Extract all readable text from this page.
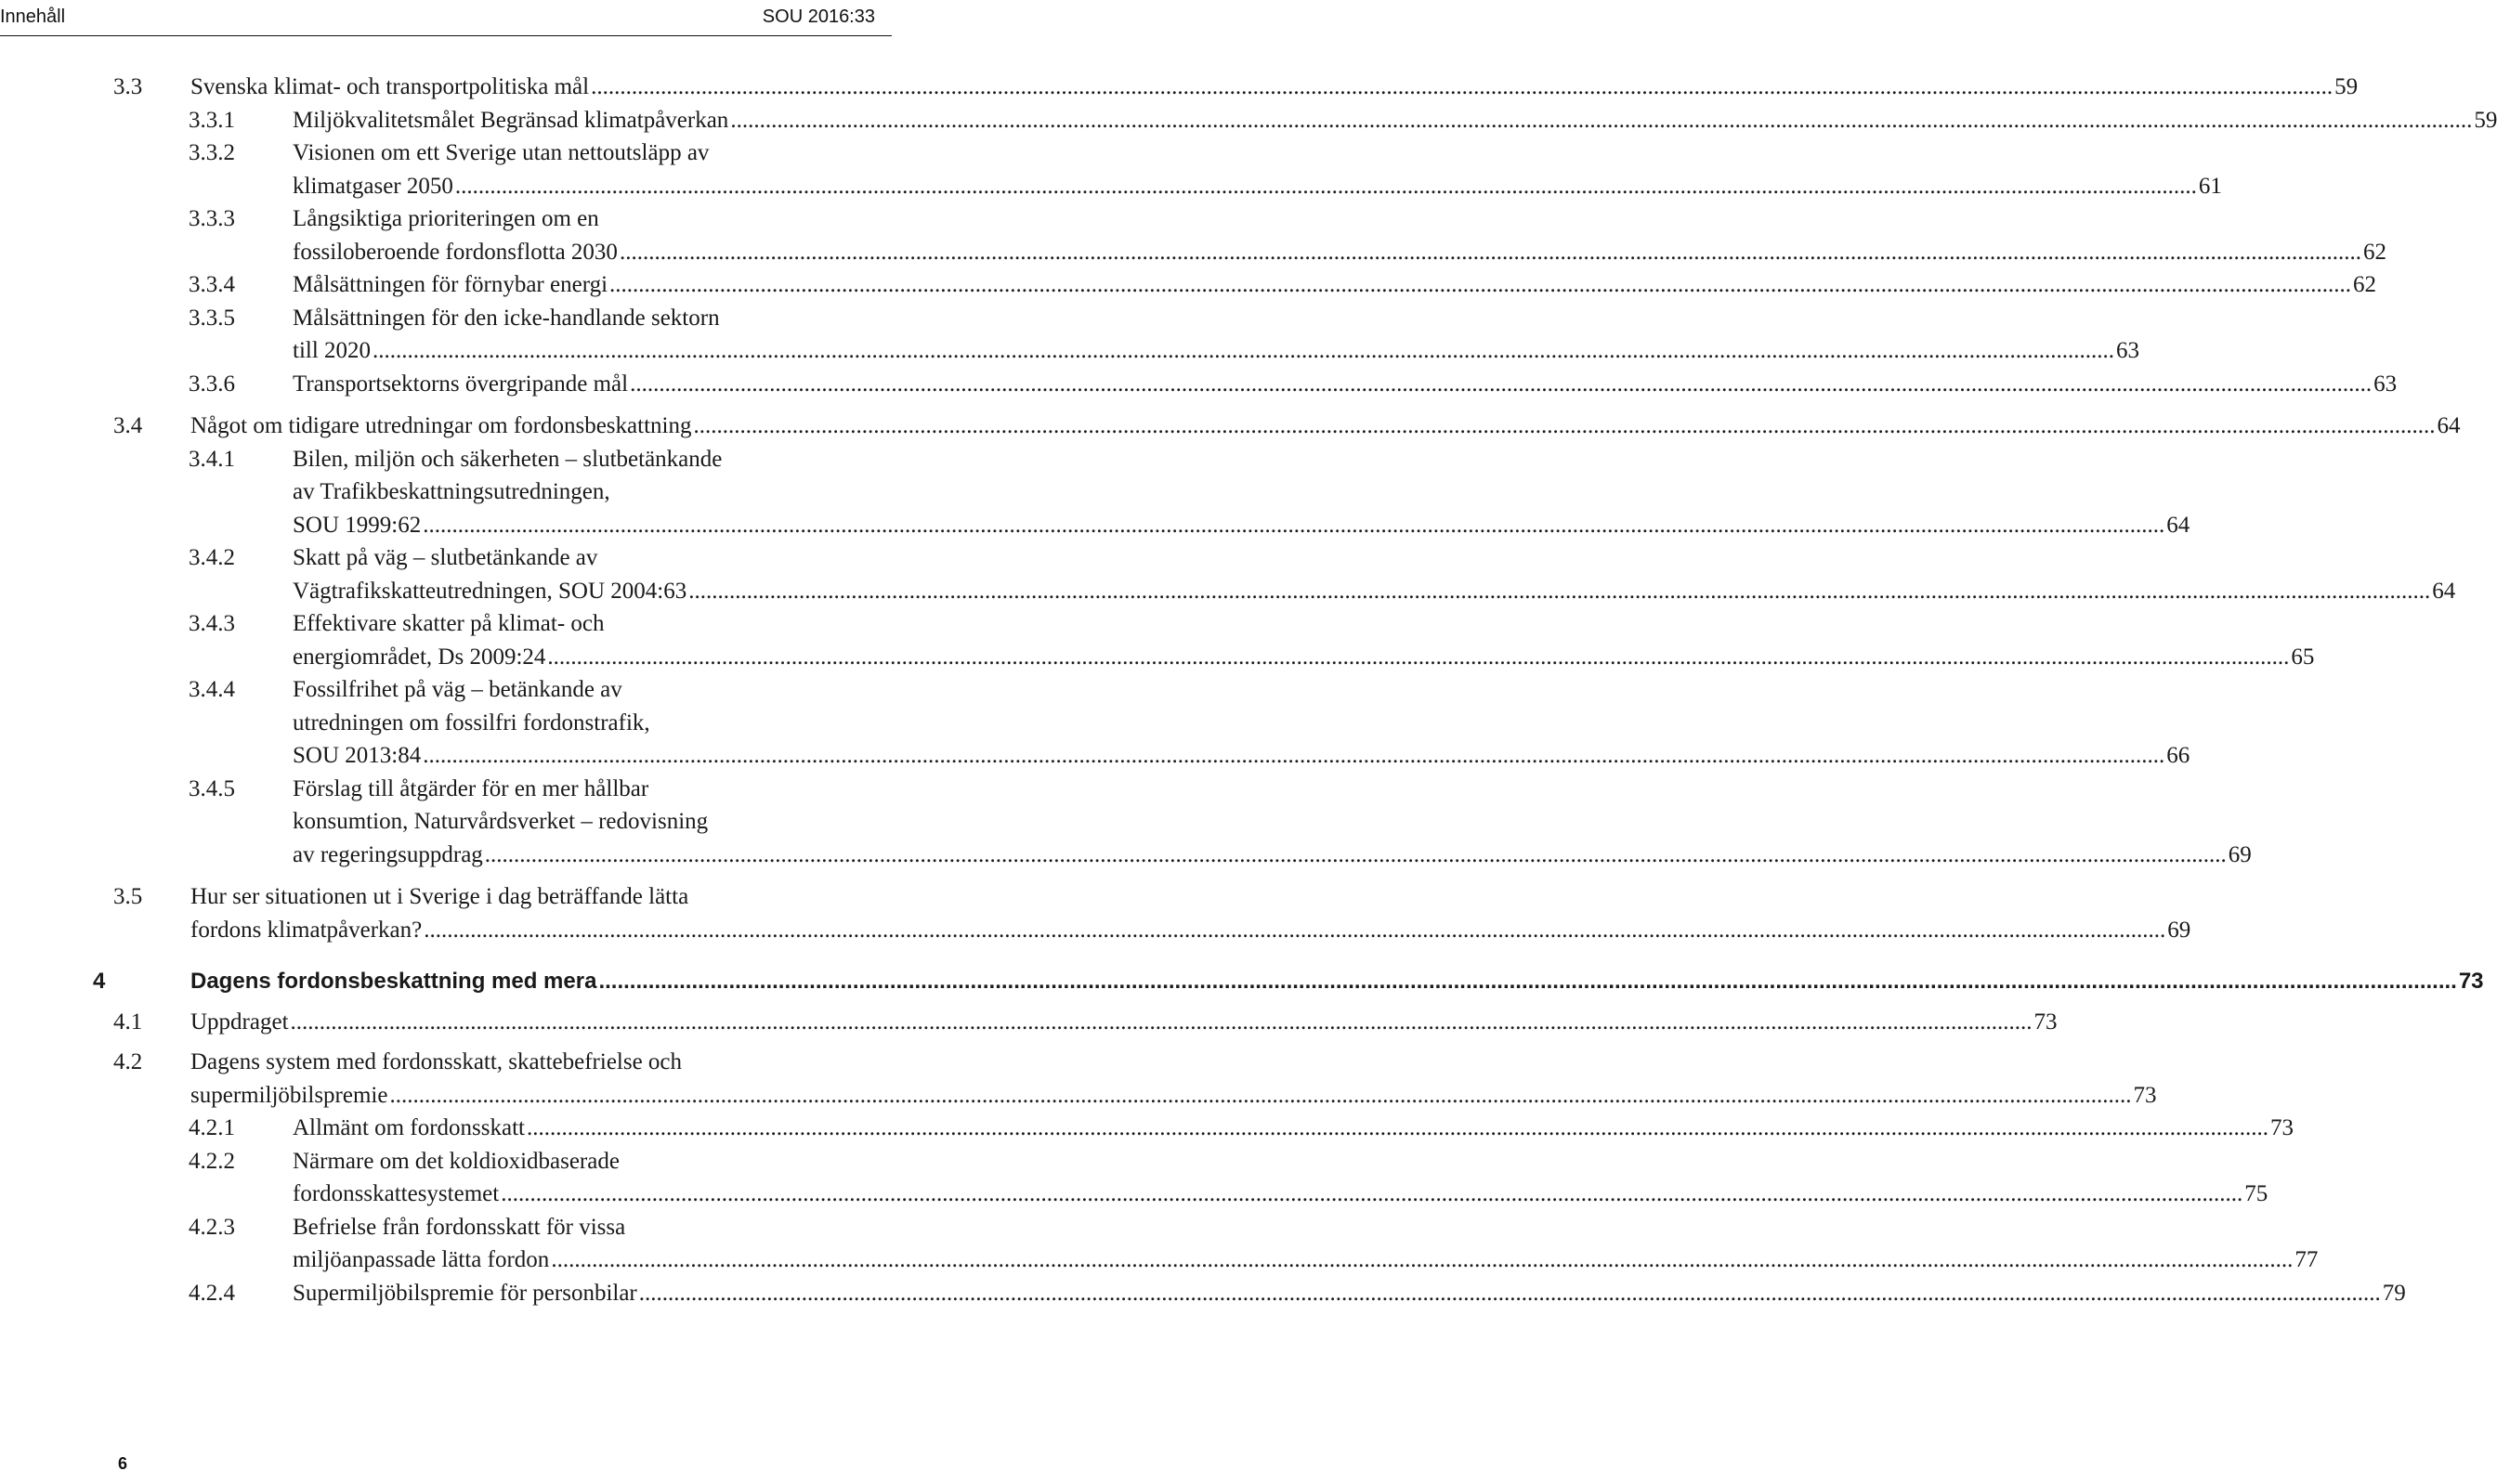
Innehåll	SOU 2016:33
3.3 Svenska klimat- och transportpolitiska mål ............................................................................................................................................................................................................................................................................................................ 59
3.3.1 Miljökvalitetsmålet Begränsad klimatpåverkan ............................................................................................................................................................................................................................................................................................................ 59
3.3.2 Visionen om ett Sverige utan nettoutsläpp av
klimatgaser 2050 ............................................................................................................................................................................................................................................................................................................ 61
3.3.3 Långsiktiga prioriteringen om en
fossiloberoende fordonsflotta 2030 ............................................................................................................................................................................................................................................................................................................ 62
3.3.4 Målsättningen för förnybar energi ............................................................................................................................................................................................................................................................................................................ 62
3.3.5 Målsättningen för den icke-handlande sektorn
till 2020 ............................................................................................................................................................................................................................................................................................................ 63
3.3.6 Transportsektorns övergripande mål ............................................................................................................................................................................................................................................................................................................ 63
3.4 Något om tidigare utredningar om fordonsbeskattning ............................................................................................................................................................................................................................................................................................................ 64
3.4.1 Bilen, miljön och säkerheten – slutbetänkande
av Trafikbeskattningsutredningen,
SOU 1999:62 ............................................................................................................................................................................................................................................................................................................ 64
3.4.2 Skatt på väg – slutbetänkande av
Vägtrafikskatteutredningen, SOU 2004:63 ............................................................................................................................................................................................................................................................................................................ 64
3.4.3 Effektivare skatter på klimat- och
energiområdet, Ds 2009:24 ............................................................................................................................................................................................................................................................................................................ 65
3.4.4 Fossilfrihet på väg – betänkande av
utredningen om fossilfri fordonstrafik,
SOU 2013:84 ............................................................................................................................................................................................................................................................................................................ 66
3.4.5 Förslag till åtgärder för en mer hållbar
konsumtion, Naturvårdsverket – redovisning
av regeringsuppdrag ............................................................................................................................................................................................................................................................................................................ 69
3.5 Hur ser situationen ut i Sverige i dag beträffande lätta
fordons klimatpåverkan? ............................................................................................................................................................................................................................................................................................................ 69
4	Dagens fordonsbeskattning med mera ............................................................................................................................................................................................................................................................................................................ 73
4.1 Uppdraget ............................................................................................................................................................................................................................................................................................................ 73
4.2 Dagens system med fordonsskatt, skattebefrielse och
supermiljöbilspremie ............................................................................................................................................................................................................................................................................................................ 73
4.2.1 Allmänt om fordonsskatt ............................................................................................................................................................................................................................................................................................................ 73
4.2.2 Närmare om det koldioxidbaserade
fordonsskattesystemet ............................................................................................................................................................................................................................................................................................................ 75
4.2.3 Befrielse från fordonsskatt för vissa
miljöanpassade lätta fordon ............................................................................................................................................................................................................................................................................................................ 77
4.2.4 Supermiljöbilspremie för personbilar ............................................................................................................................................................................................................................................................................................................ 79
6
